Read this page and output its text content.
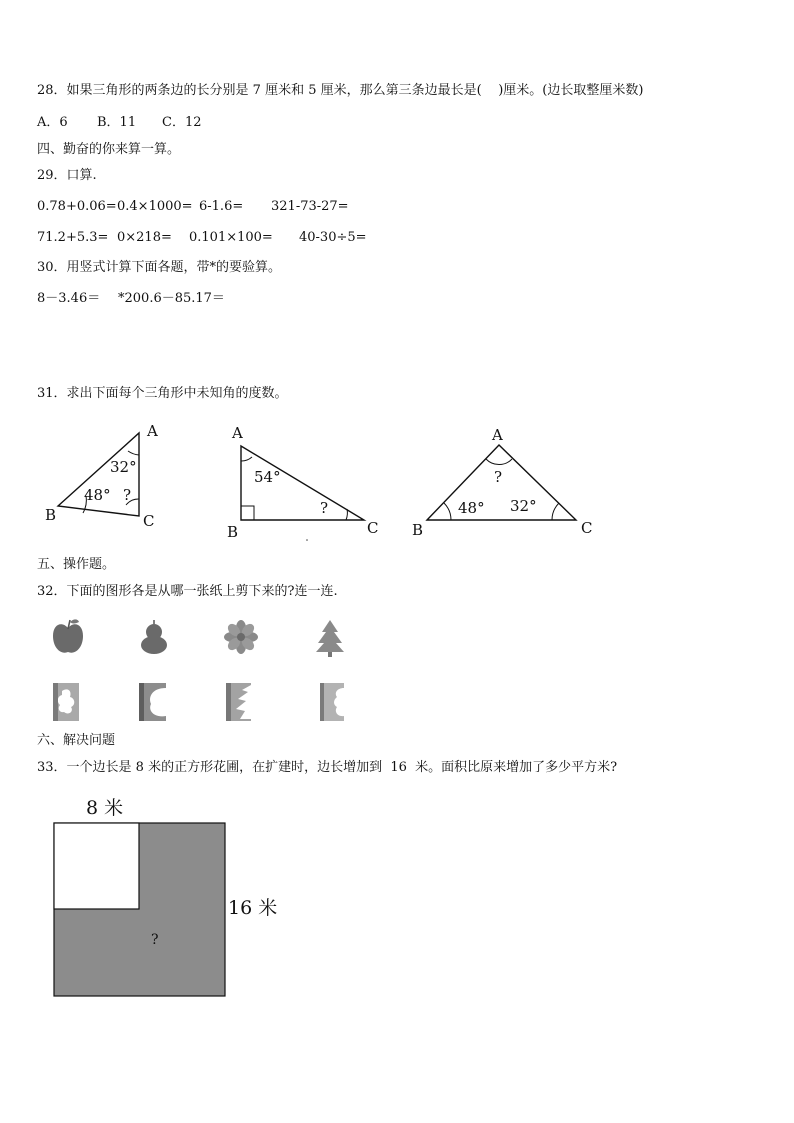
28．如果三角形的两条边的长分别是 7 厘米和 5 厘米，那么第三条边最长是(    )厘米。(边长取整厘米数)
A．6 B．11 C．12
四、勤奋的你来算一算。
29．口算.
0.78+0.06= 0.4×1000= 6-1.6= 321-73-27=
71.2+5.3= 0×218= 0.101×100= 40-30÷5=
30．用竖式计算下面各题，带*的要验算。
8－3.46＝ *200.6－85.17＝
31．求出下面每个三角形中未知角的度数。
A
B	C
32°
48° ?
A
B	C
54°
?
A
B	C
?
48° 32°
8 米
16 米
?
五、操作题。
32．下面的图形各是从哪一张纸上剪下来的?连一连.
六、解决问题
33．一个边长是 8 米的正方形花圃，在扩建时，边长增加到  16  米。面积比原来增加了多少平方米?
